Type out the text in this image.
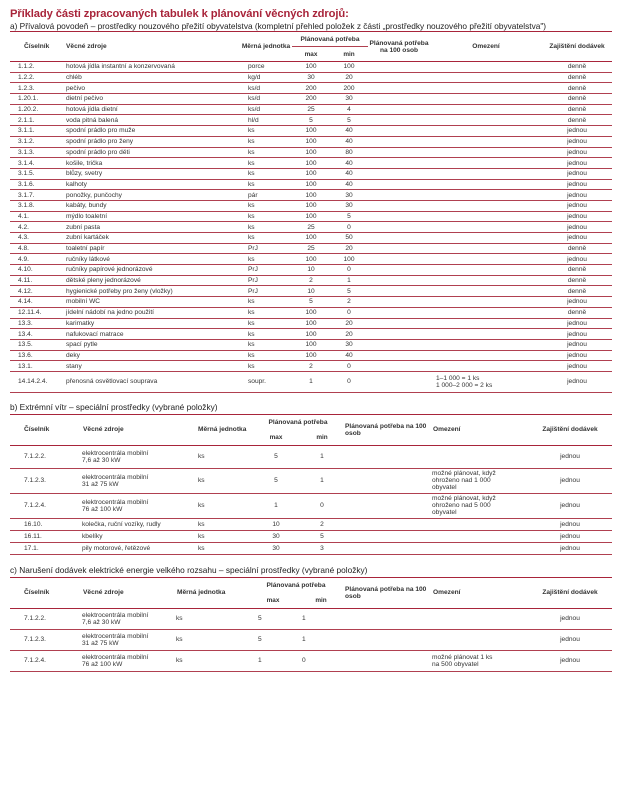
Příklady části zpracovaných tabulek k plánování věcných zdrojů:
a) Přívalová povodeň – prostředky nouzového přežití obyvatelstva (kompletní přehled položek z části „prostředky nouzového přežití obyvatelstva")
Číselník	Věcné zdroje	Měrná jednotka	Plánovaná potřeba		Plánovaná potřeba na 100 osob	Omezení	Zajištění dodávek
			max	min			

1.1.2.	hotová jídla instantní a konzervovaná	porce	100	100			denně
1.2.2.	chléb	kg/d	30	20			denně
1.2.3.	pečivo	ks/d	200	200			denně
1.20.1.	dietní pečivo	ks/d	200	30			denně
1.20.2.	hotová jídla dietní	ks/d	25	4			denně
2.1.1.	voda pitná balená	hl/d	5	5			denně
3.1.1.	spodní prádlo pro muže	ks	100	40			jednou
3.1.2.	spodní prádlo pro ženy	ks	100	40			jednou
3.1.3.	spodní prádlo pro děti	ks	100	80			jednou
3.1.4.	košile, trička	ks	100	40			jednou
3.1.5.	blůzy, svetry	ks	100	40			jednou
3.1.6.	kalhoty	ks	100	40			jednou
3.1.7.	ponožky, punčochy	pár	100	30			jednou
3.1.8.	kabáty, bundy	ks	100	30			jednou
4.1.	mýdlo toaletní	ks	100	5			jednou
4.2.	zubní pasta	ks	25	0			jednou
4.3.	zubní kartáček	ks	100	50			jednou
4.8.	toaletní papír	PrJ	25	20			denně
4.9.	ručníky látkové	ks	100	100			jednou
4.10.	ručníky papírové jednorázové	PrJ	10	0			denně
4.11.	dětské pleny jednorázové	PrJ	2	1			denně
4.12.	hygienické potřeby pro ženy (vložky)	PrJ	10	5			denně
4.14.	mobilní WC	ks	5	2			jednou
12.11.4.	jídelní nádobí na jedno použití	ks	100	0			denně
13.3.	karimatky	ks	100	20			jednou
13.4.	nafukovací matrace	ks	100	20			jednou
13.5.	spací pytle	ks	100	30			jednou
13.6.	deky	ks	100	40			jednou
13.1.	stany	ks	2	0			jednou
14.14.2.4.	přenosná osvětlovací souprava	soupr.	1	0		1–1 000 = 1 ks
1 000–2 000 = 2 ks	jednou
b) Extrémní vítr – speciální prostředky (vybrané položky)
Číselník	Věcné zdroje	Měrná jednotka	Plánovaná potřeba		Plánovaná potřeba na 100 osob	Omezení	Zajištění dodávek
			max	min			

7.1.2.2.	elektrocentrála mobilní
7,6 až 30 kW	ks	5	1			jednou
7.1.2.3.	elektrocentrála mobilní
31 až 75 kW	ks	5	1		možné plánovat, když
ohroženo nad 1 000
obyvatel	jednou
7.1.2.4.	elektrocentrála mobilní
76 až 100 kW	ks	1	0		možné plánovat, když
ohroženo nad 5 000
obyvatel	jednou
16.10.	kolečka, ruční vozíky, rudly	ks	10	2			jednou
16.11.	kbelíky	ks	30	5			jednou
17.1.	pily motorové, řetězové	ks	30	3			jednou
c) Narušení dodávek elektrické energie velkého rozsahu – speciální prostředky (vybrané položky)
Číselník	Věcné zdroje	Měrná jednotka	Plánovaná potřeba		Plánovaná potřeba na 100 osob	Omezení	Zajištění dodávek
			max	min			

7.1.2.2.	elektrocentrála mobilní
7,6 až 30 kW	ks	5	1			jednou
7.1.2.3.	elektrocentrála mobilní
31 až 75 kW	ks	5	1			jednou
7.1.2.4.	elektrocentrála mobilní
76 až 100 kW	ks	1	0		možné plánovat 1 ks
na 500 obyvatel	jednou
